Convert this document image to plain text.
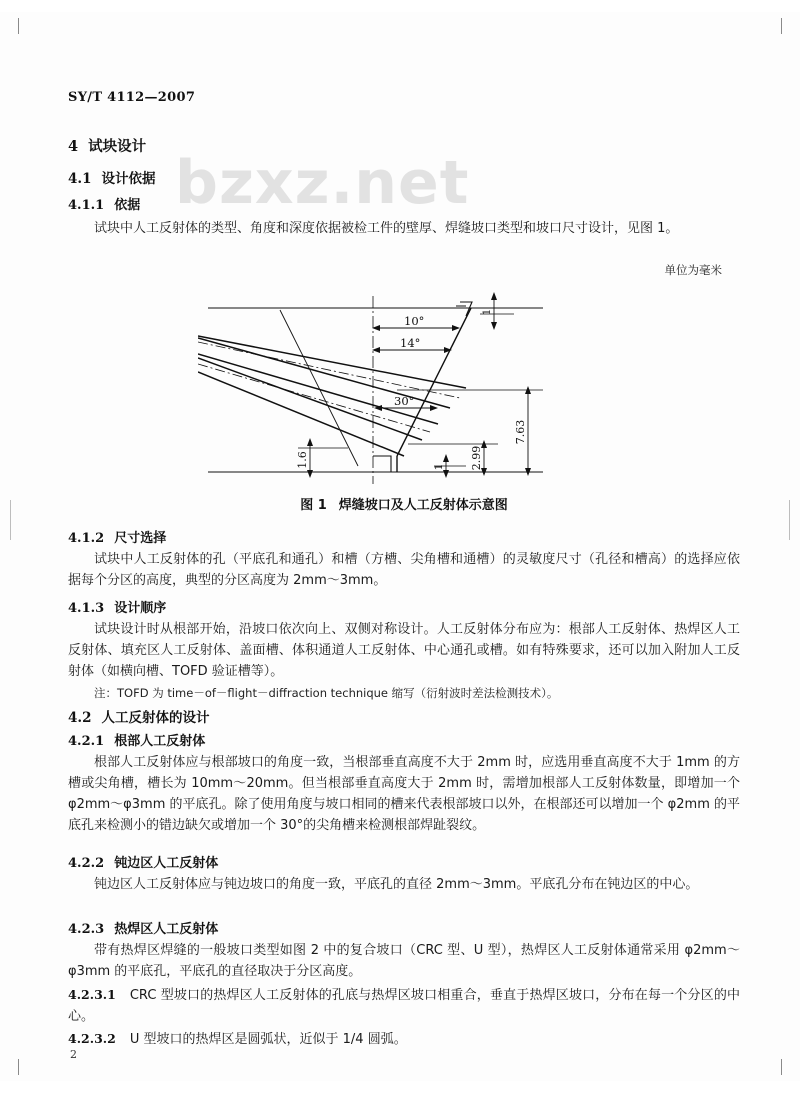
bzxz.net
SY/T 4112—2007
4 试块设计
4.1 设计依据
4.1.1 依据
试块中人工反射体的类型、角度和深度依据被检工件的壁厚、焊缝坡口类型和坡口尺寸设计，见图 1。
单位为毫米
10°
14°
30°
7.63
2.99
1.6	1
1
图 1 焊缝坡口及人工反射体示意图
4.1.2 尺寸选择
试块中人工反射体的孔（平底孔和通孔）和槽（方槽、尖角槽和通槽）的灵敏度尺寸（孔径和槽高）的选择应依据每个分区的高度，典型的分区高度为 2mm～3mm。
4.1.3 设计顺序
试块设计时从根部开始，沿坡口依次向上、双侧对称设计。人工反射体分布应为：根部人工反射体、热焊区人工反射体、填充区人工反射体、盖面槽、体积通道人工反射体、中心通孔或槽。如有特殊要求，还可以加入附加人工反射体（如横向槽、TOFD 验证槽等）。
注：TOFD 为 time－of－flight－diffraction technique 缩写（衍射波时差法检测技术）。
4.2 人工反射体的设计
4.2.1 根部人工反射体
根部人工反射体应与根部坡口的角度一致，当根部垂直高度不大于 2mm 时，应选用垂直高度不大于 1mm 的方槽或尖角槽，槽长为 10mm～20mm。但当根部垂直高度大于 2mm 时，需增加根部人工反射体数量，即增加一个 φ2mm～φ3mm 的平底孔。除了使用角度与坡口相同的槽来代表根部坡口以外，在根部还可以增加一个 φ2mm 的平底孔来检测小的错边缺欠或增加一个 30°的尖角槽来检测根部焊趾裂纹。
4.2.2 钝边区人工反射体
钝边区人工反射体应与钝边坡口的角度一致，平底孔的直径 2mm～3mm。平底孔分布在钝边区的中心。
4.2.3 热焊区人工反射体
带有热焊区焊缝的一般坡口类型如图 2 中的复合坡口（CRC 型、U 型），热焊区人工反射体通常采用 φ2mm～φ3mm 的平底孔，平底孔的直径取决于分区高度。
4.2.3.1 CRC 型坡口的热焊区人工反射体的孔底与热焊区坡口相重合，垂直于热焊区坡口，分布在每一个分区的中心。
4.2.3.2 U 型坡口的热焊区是圆弧状，近似于 1/4 圆弧。
2
